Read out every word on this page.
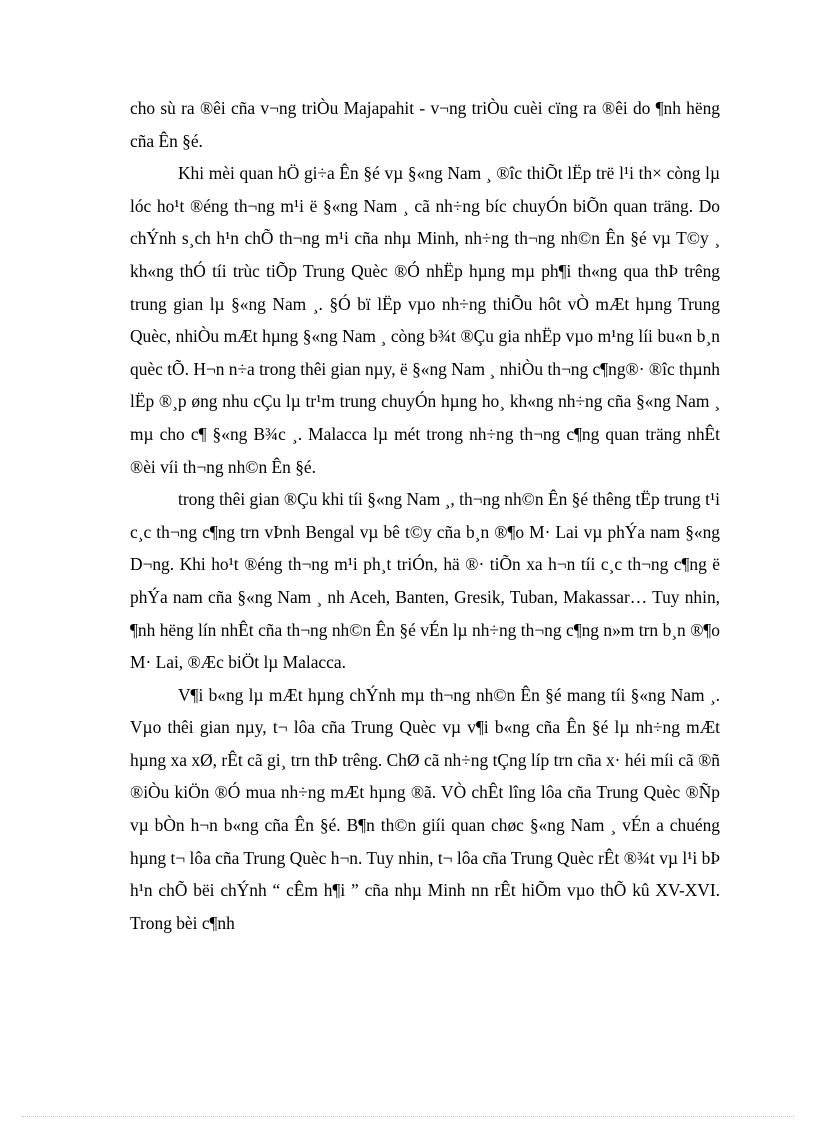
cho sù ra ®êi cña v¬ng triÒu Majapahit - v¬ng triÒu cuèi cïng ra ®êi do ¶nh hëng cña Ên §é.

Khi mèi quan hÖ gi÷a Ên §é vµ §«ng Nam ¸ ®îc thiÕt lËp trë l¹i th× còng lµ lóc ho¹t ®éng th¬ng m¹i ë §«ng Nam ¸ cã nh÷ng bíc chuyÓn biÕn quan träng. Do chÝnh s¸ch h¹n chÕ th¬ng m¹i cña nhµ Minh, nh÷ng th¬ng nh©n Ên §é vµ T©y ¸ kh«ng thÓ tíi trùc tiÕp Trung Quèc ®Ó nhËp hµng mµ ph¶i th«ng qua thÞ trêng trung gian lµ §«ng Nam ¸. §Ó bï lËp vµo nh÷ng thiÕu hôt vÒ mÆt hµng Trung Quèc, nhiÒu mÆt hµng §«ng Nam ¸ còng b¾t ®Çu gia nhËp vµo m¹ng líi bu«n b¸n quèc tÕ. H¬n n÷a trong thêi gian nµy, ë §«ng Nam ¸ nhiÒu th¬ng c¶ng®· ®îc thµnh lËp ®¸p øng nhu cÇu lµ tr¹m trung chuyÓn hµng ho¸ kh«ng nh÷ng cña §«ng Nam ¸ mµ cho c¶ §«ng B¾c ¸. Malacca lµ mét trong nh÷ng th¬ng c¶ng quan träng nhÊt ®èi víi th¬ng nh©n Ên §é.

trong thêi gian ®Çu khi tíi §«ng Nam ¸, th¬ng nh©n Ên §é thêng tËp trung t¹i c¸c th¬ng c¶ng trn vÞnh Bengal vµ bê t©y cña b¸n ®¶o M· Lai vµ phÝa nam §«ng D¬ng. Khi ho¹t ®éng th¬ng m¹i ph¸t triÓn, hä ®· tiÕn xa h¬n tíi c¸c th¬ng c¶ng ë phÝa nam cña §«ng Nam ¸ nh Aceh, Banten, Gresik, Tuban, Makassar… Tuy nhin, ¶nh hëng lín nhÊt cña th¬ng nh©n Ên §é vÉn lµ nh÷ng th¬ng c¶ng n»m trn b¸n ®¶o M· Lai, ®Æc biÖt lµ Malacca.

V¶i b«ng lµ mÆt hµng chÝnh mµ th¬ng nh©n Ên §é mang tíi §«ng Nam ¸. Vµo thêi gian nµy, t¬ lôa cña Trung Quèc vµ v¶i b«ng cña Ên §é lµ nh÷ng mÆt hµng xa xØ, rÊt cã gi¸ trn thÞ trêng. ChØ cã nh÷ng tÇng líp trn cña x· héi míi cã ®ñ ®iÒu kiÖn ®Ó mua nh÷ng mÆt hµng ®ã. VÒ chÊt lîng lôa cña Trung Quèc ®Ñp vµ bÒn h¬n b«ng cña Ên §é. B¶n th©n giíi quan chøc §«ng Nam ¸ vÉn a chuéng hµng t¬ lôa cña Trung Quèc h¬n. Tuy nhin, t¬ lôa cña Trung Quèc rÊt ®¾t vµ l¹i bÞ h¹n chÕ bëi chÝnh “ cÊm h¶i ” cña nhµ Minh nn rÊt hiÕm vµo thÕ kû XV-XVI. Trong bèi c¶nh
